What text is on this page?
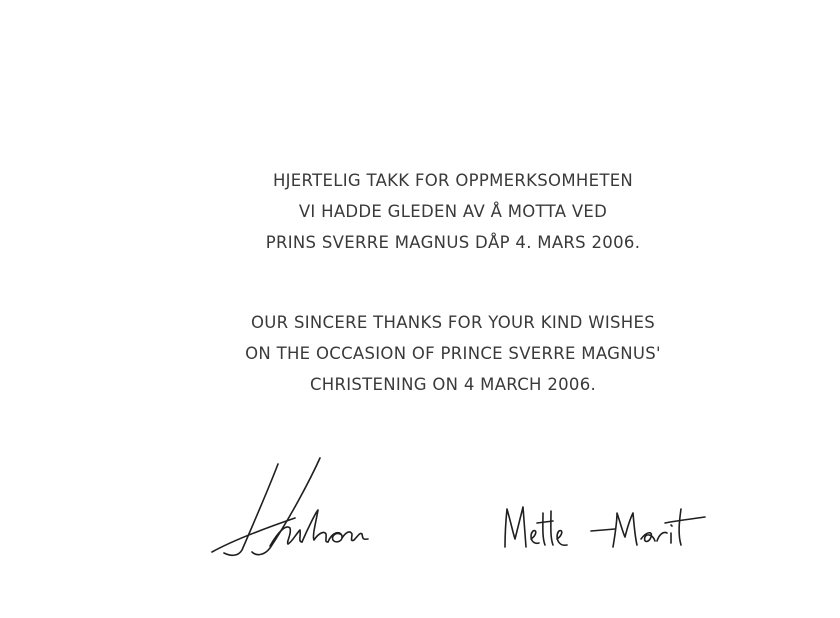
HJERTELIG TAKK FOR OPPMERKSOMHETEN
VI HADDE GLEDEN AV Å MOTTA VED
PRINS SVERRE MAGNUS DÅP 4. MARS 2006.
OUR SINCERE THANKS FOR YOUR KIND WISHES
ON THE OCCASION OF PRINCE SVERRE MAGNUS'
CHRISTENING ON 4 MARCH 2006.
